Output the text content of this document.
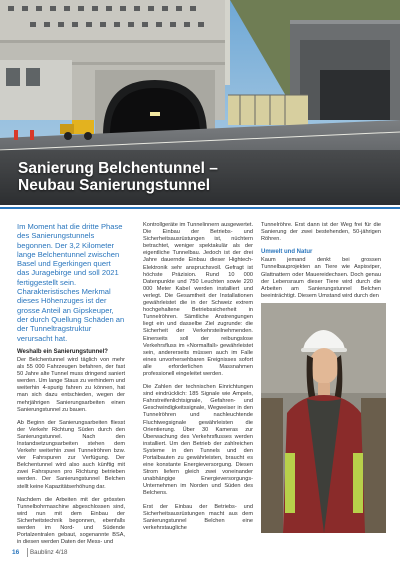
Sanierung Belchentunnel –
Neubau Sanierungstunnel
Im Moment hat die dritte Phase des Sanierungstunnels begonnen. Der 3,2 Kilometer lange Belchentunnel zwischen Basel und Egerkingen quert das Juragebirge und soll 2021 fertiggestellt sein. Charakteristisches Merkmal dieses Höhenzuges ist der grosse Anteil an Gipskeuper, der durch Quellung Schäden an der Tunneltragstruktur verursacht hat.
Weshalb ein Sanierungstunnel?

Der Belchentunnel wird täglich von mehr als 55 000 Fahrzeugen befahren, der fast 50 Jahre alte Tunnel muss dringend saniert werden. Um lange Staus zu verhindern und weiterhin 4-spurig fahren zu können, hat man sich dazu entschieden, wegen der mehrjährigen Sanierungsarbeiten einen Sanierungstunnel zu bauen.

Ab Beginn der Sanierungsarbeiten fliesst der Verkehr Richtung Süden durch den Sanierungstunnel. Nach den Instandsetzungsarbeiten stehen dem Verkehr weiterhin zwei Tunnelröhren bzw. vier Fahrspuren zur Verfügung. Der Belchentunnel wird also auch künftig mit zwei Fahrspuren pro Richtung betrieben werden. Der Sanierungstunnel Belchen stellt keine Kapazitätserhöhung dar.

Nachdem die Arbeiten mit der grössten Tunnelbohrmaschine abgeschlossen sind, wird nun mit dem Einbau der Sicherheitstechnik begonnen, ebenfalls werden im Nord- und Südende Portalzentralen gebaut, sogenannte BSA, in diesen werden Daten der Mess- und

Kontrollgeräte im Tunnelinnern ausgewertet. Die Einbau der Betriebs- und Sicherheitsausrüstungen ist, nüchtern betrachtet, weniger spektakulär als der eigentliche Tunnelbau. Jedoch ist der drei Jahre dauernde Einbau dieser Hightech-Elektronik sehr anspruchsvoll. Gefragt ist höchste Präzision. Rund 10 000 Datenpunkte und 750 Leuchten sowie 220 000 Meter Kabel werden installiert und verlegt. Die Gesamtheit der Installationen gewährleistet die in der Schweiz extrem hochgehaltene Betriebssicherheit in Tunnelröhren. Sämtliche Anstrengungen liegt ein und dasselbe Ziel zugrunde: die Sicherheit der Verkehrsteilnehmenden. Einerseits soll der reibungslose Verkehrsfluss im «Normalfall» gewährleistet sein, andererseits müssen auch im Falle eines unvorhersehbaren Ereignisses sofort alle erforderlichen Massnahmen professionell eingeleitet werden.

Die Zahlen der technischen Einrichtungen sind eindrücklich: 185 Signale wie Ampeln, Fahrstreifenlichtsignale, Gefahren- und Geschwindigkeitssignale, Wegweiser in den Tunnelröhren und nachleuchtende Fluchtwegsignale gewährleisten die Orientierung. Über 30 Kameras zur Überwachung des Verkehrsflusses werden installiert. Um den Betrieb der zahlreichen Systeme in den Tunnels und den Portalbauten zu gewährleisten, braucht es eine konstante Energieversorgung. Diesen Strom liefern gleich zwei voneinander unabhängige Energieversorgungs-Unternehmen im Norden und Süden des Belchens.

Erst der Einbau der Betriebs- und Sicherheitsausrüstungen macht aus dem Sanierungstunnel Belchen eine verkehrstaugliche

Tunnelröhre. Erst dann ist der Weg frei für die Sanierung der zwei bestehenden, 50-jährigen Röhren.

Umwelt und Natur

Kaum jemand denkt bei grossen Tunnelbauprojekten an Tiere wie Aspisviper, Glattnattern oder Mauereidechsen. Doch genau der Lebensraum dieser Tiere wird durch die Arbeiten am Sanierungstunnel Belchen beeinträchtigt. Diesem Umstand wird durch den

16 Baublinz 4/18
